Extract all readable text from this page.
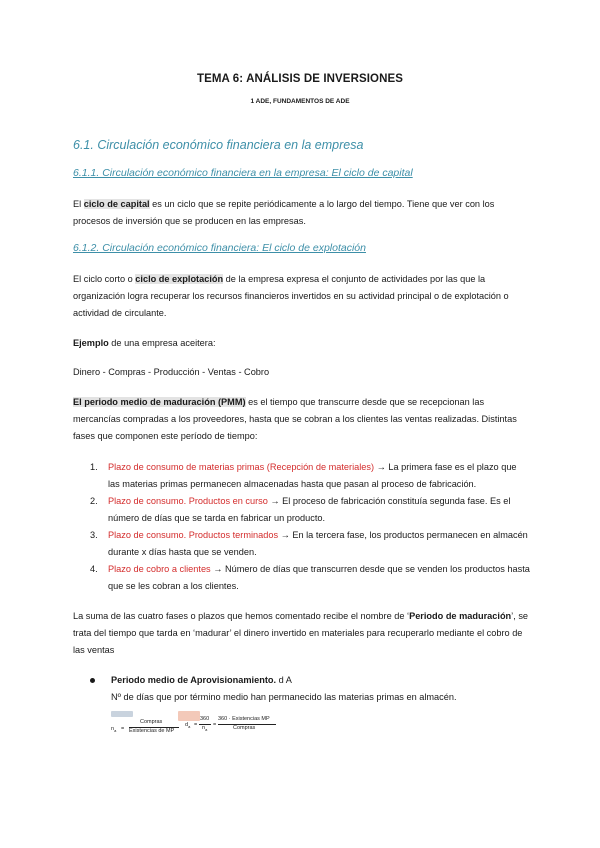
TEMA 6: ANÁLISIS DE INVERSIONES
1 ADE, FUNDAMENTOS DE ADE
6.1. Circulación económico financiera en la empresa
6.1.1. Circulación económico financiera en la empresa: El ciclo de capital
El ciclo de capital es un ciclo que se repite periódicamente a lo largo del tiempo. Tiene que ver con los procesos de inversión que se producen en las empresas.
6.1.2. Circulación económico financiera: El ciclo de explotación
El ciclo corto o ciclo de explotación de la empresa expresa el conjunto de actividades por las que la organización logra recuperar los recursos financieros invertidos en su actividad principal o de explotación o actividad de circulante.
Ejemplo de una empresa aceitera:
Dinero - Compras - Producción - Ventas - Cobro
El periodo medio de maduración (PMM) es el tiempo que transcurre desde que se recepcionan las mercancías compradas a los proveedores, hasta que se cobran a los clientes las ventas realizadas. Distintas fases que componen este período de tiempo:
1. Plazo de consumo de materias primas (Recepción de materiales) → La primera fase es el plazo que las materias primas permanecen almacenadas hasta que pasan al proceso de fabricación.
2. Plazo de consumo. Productos en curso → El proceso de fabricación constituía segunda fase. Es el número de días que se tarda en fabricar un producto.
3. Plazo de consumo. Productos terminados → En la tercera fase, los productos permanecen en almacén durante x días hasta que se venden.
4. Plazo de cobro a clientes → Número de días que transcurren desde que se venden los productos hasta que se les cobran a los clientes.
La suma de las cuatro fases o plazos que hemos comentado recibe el nombre de ‘Periodo de maduración’, se trata del tiempo que tarda en ‘madurar’ el dinero invertido en materiales para recuperarlo mediante el cobro de las ventas
Periodo medio de Aprovisionamiento. d A
Nº de días que por término medio han permanecido las materias primas en almacén.
$n_a$ =
Compras
Existencias de MP
$d_a$ =
360
$n_a$
=
360 · Existencias MP
Compras
